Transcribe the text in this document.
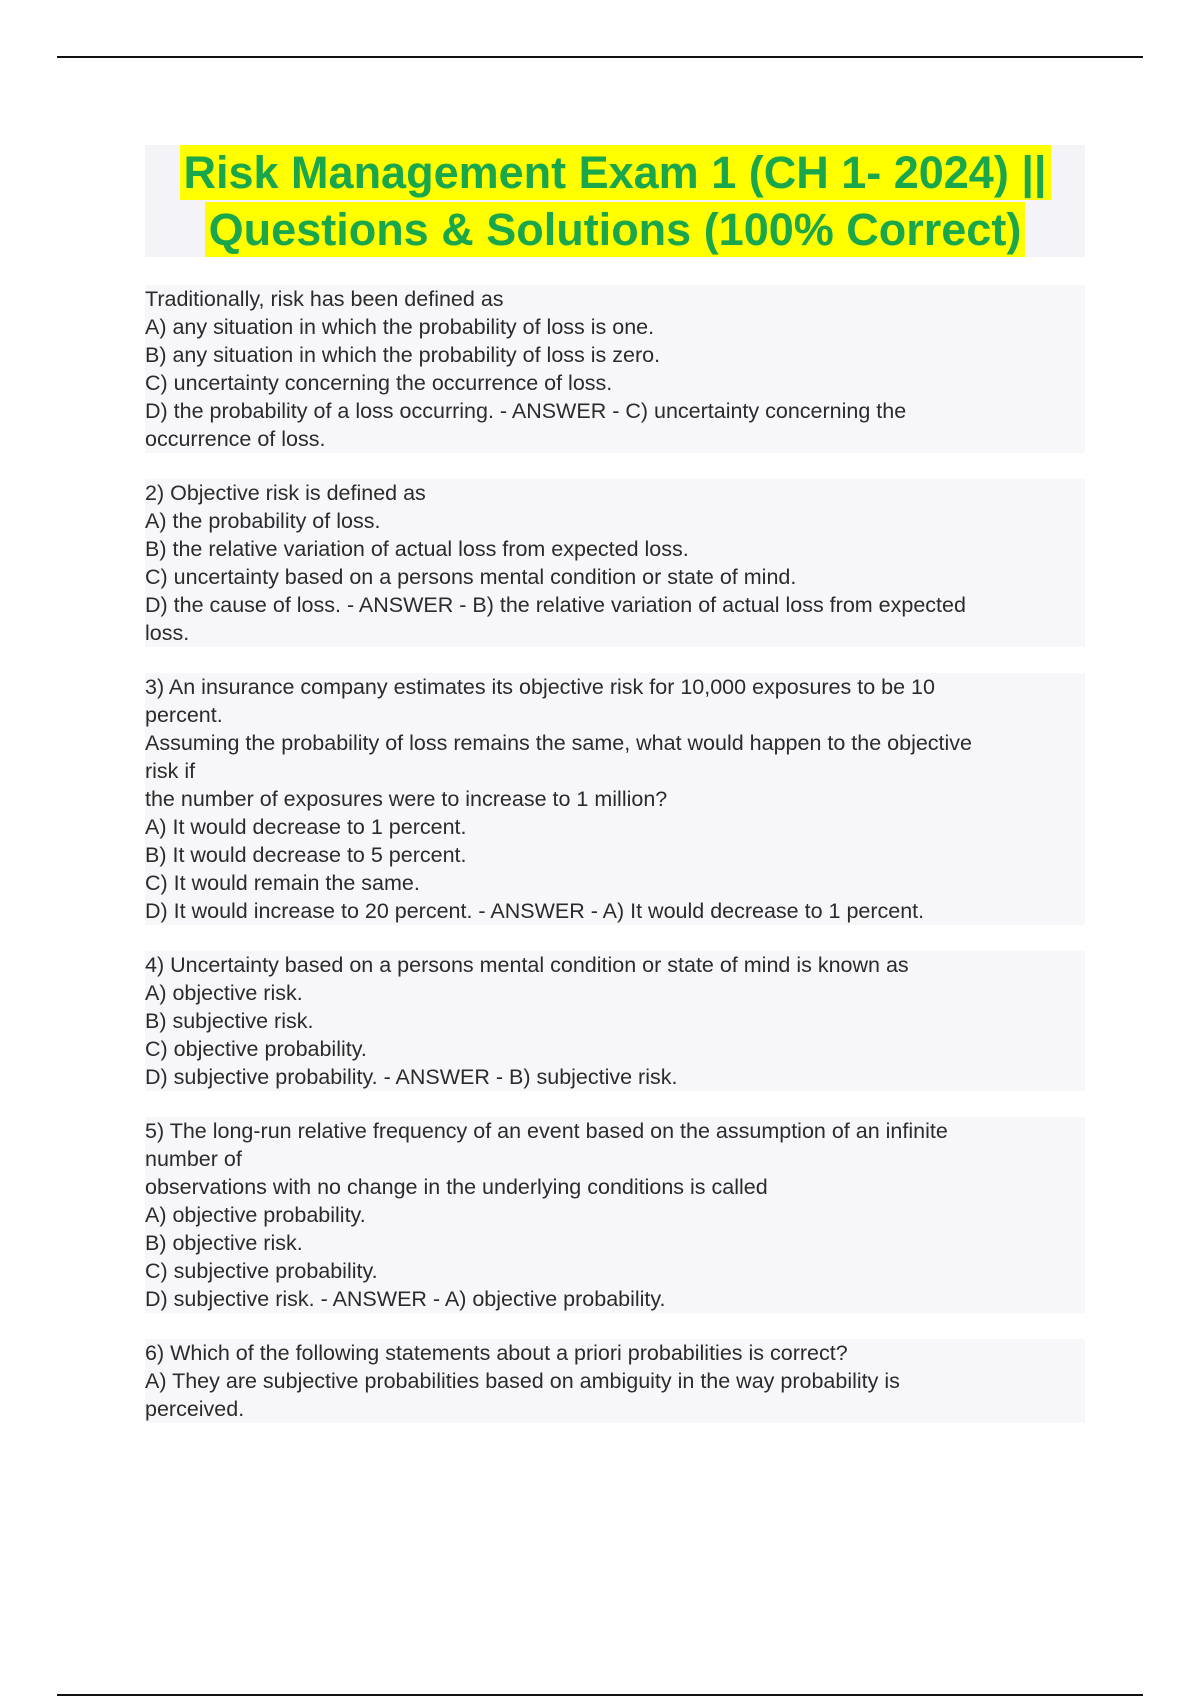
Risk Management Exam 1 (CH 1- 2024) ||
Questions & Solutions (100% Correct)
Traditionally, risk has been defined as
A) any situation in which the probability of loss is one.
B) any situation in which the probability of loss is zero.
C) uncertainty concerning the occurrence of loss.
D) the probability of a loss occurring. - ANSWER - C) uncertainty concerning the
occurrence of loss.
2) Objective risk is defined as
A) the probability of loss.
B) the relative variation of actual loss from expected loss.
C) uncertainty based on a persons mental condition or state of mind.
D) the cause of loss. - ANSWER - B) the relative variation of actual loss from expected
loss.
3) An insurance company estimates its objective risk for 10,000 exposures to be 10
percent.
Assuming the probability of loss remains the same, what would happen to the objective
risk if
the number of exposures were to increase to 1 million?
A) It would decrease to 1 percent.
B) It would decrease to 5 percent.
C) It would remain the same.
D) It would increase to 20 percent. - ANSWER - A) It would decrease to 1 percent.
4) Uncertainty based on a persons mental condition or state of mind is known as
A) objective risk.
B) subjective risk.
C) objective probability.
D) subjective probability. - ANSWER - B) subjective risk.
5) The long-run relative frequency of an event based on the assumption of an infinite
number of
observations with no change in the underlying conditions is called
A) objective probability.
B) objective risk.
C) subjective probability.
D) subjective risk. - ANSWER - A) objective probability.
6) Which of the following statements about a priori probabilities is correct?
A) They are subjective probabilities based on ambiguity in the way probability is
perceived.
